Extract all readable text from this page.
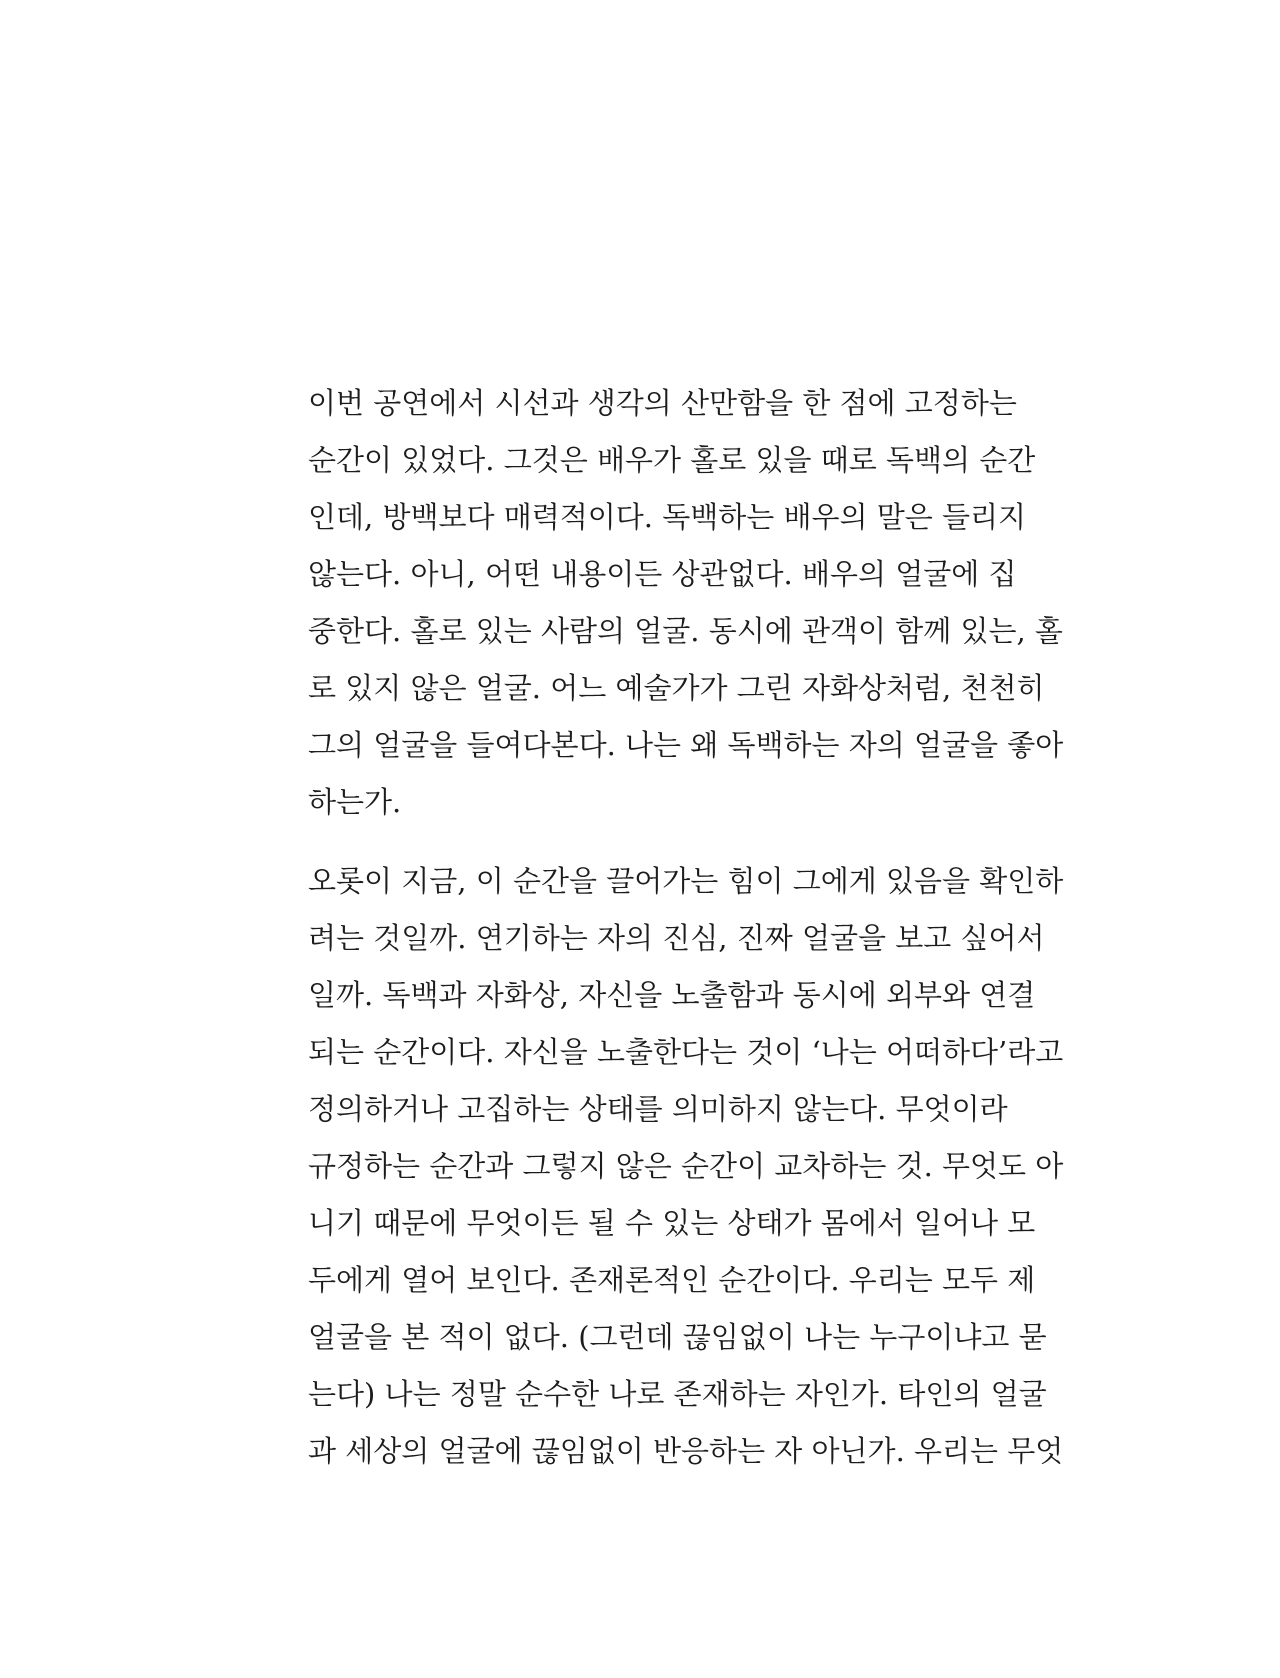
이번 공연에서 시선과 생각의 산만함을 한 점에 고정하는
순간이 있었다. 그것은 배우가 홀로 있을 때로 독백의 순간
인데, 방백보다 매력적이다. 독백하는 배우의 말은 들리지
않는다. 아니, 어떤 내용이든 상관없다. 배우의 얼굴에 집
중한다. 홀로 있는 사람의 얼굴. 동시에 관객이 함께 있는, 홀
로 있지 않은 얼굴. 어느 예술가가 그린 자화상처럼, 천천히
그의 얼굴을 들여다본다. 나는 왜 독백하는 자의 얼굴을 좋아
하는가.
오롯이 지금, 이 순간을 끌어가는 힘이 그에게 있음을 확인하
려는 것일까. 연기하는 자의 진심, 진짜 얼굴을 보고 싶어서
일까. 독백과 자화상, 자신을 노출함과 동시에 외부와 연결
되는 순간이다. 자신을 노출한다는 것이 ‘나는 어떠하다’라고
정의하거나 고집하는 상태를 의미하지 않는다. 무엇이라
규정하는 순간과 그렇지 않은 순간이 교차하는 것. 무엇도 아
니기 때문에 무엇이든 될 수 있는 상태가 몸에서 일어나 모
두에게 열어 보인다. 존재론적인 순간이다. 우리는 모두 제
얼굴을 본 적이 없다. (그런데 끊임없이 나는 누구이냐고 묻
는다) 나는 정말 순수한 나로 존재하는 자인가. 타인의 얼굴
과 세상의 얼굴에 끊임없이 반응하는 자 아닌가. 우리는 무엇
